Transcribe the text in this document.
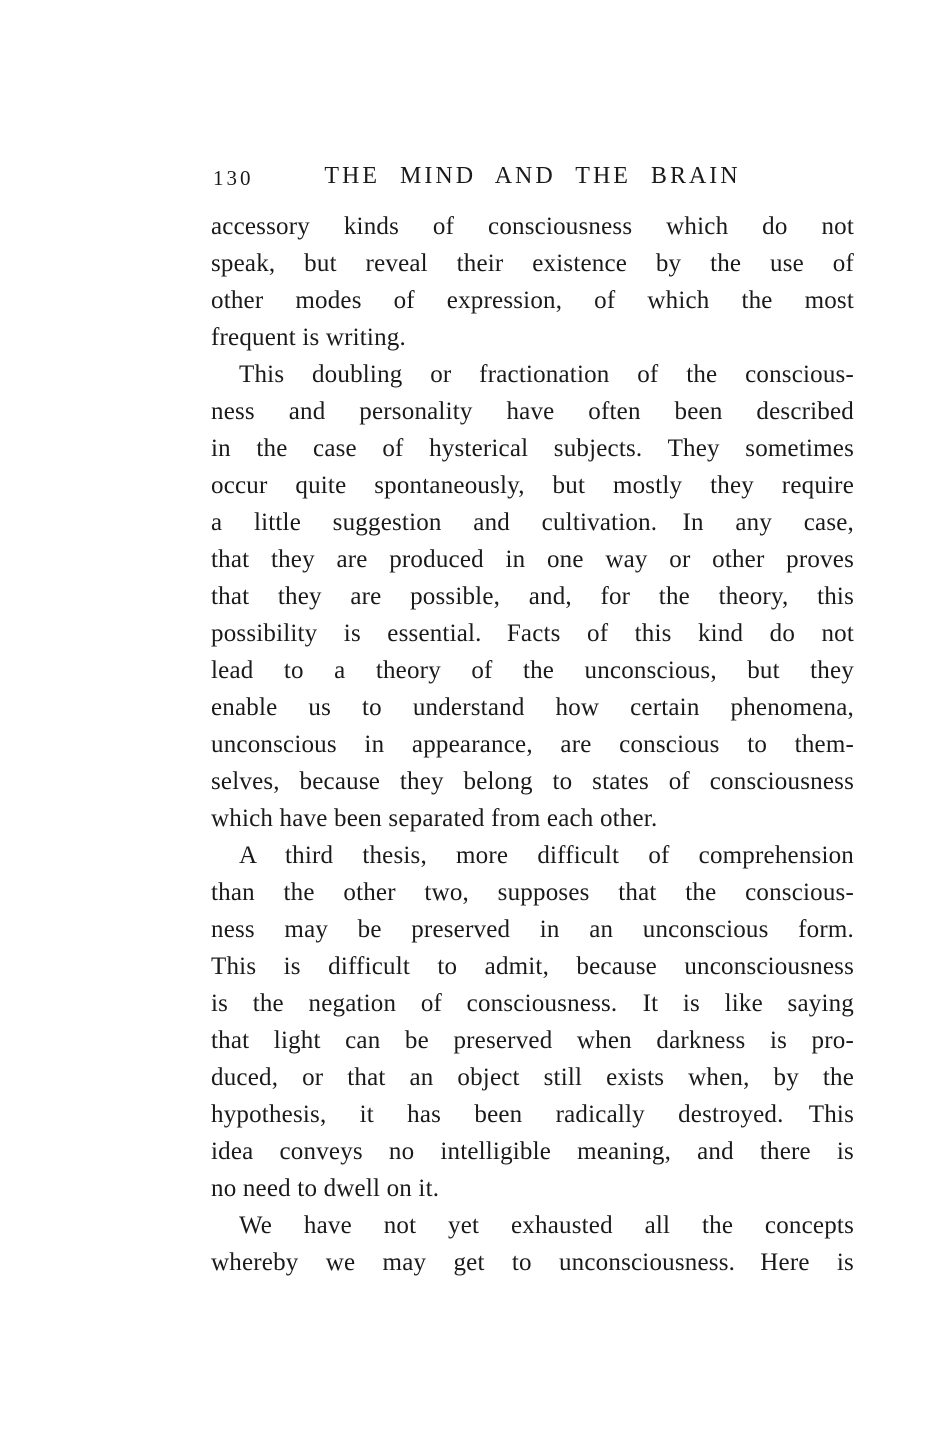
130	THE MIND AND THE BRAIN
accessory kinds of consciousness which do not
speak, but reveal their existence by the use of
other modes of expression, of which the most
frequent is writing.
This doubling or fractionation of the conscious-
ness and personality have often been described
in the case of hysterical subjects. They sometimes
occur quite spontaneously, but mostly they require
a little suggestion and cultivation. In any case,
that they are produced in one way or other proves
that they are possible, and, for the theory, this
possibility is essential. Facts of this kind do not
lead to a theory of the unconscious, but they
enable us to understand how certain phenomena,
unconscious in appearance, are conscious to them-
selves, because they belong to states of consciousness
which have been separated from each other.
A third thesis, more difficult of comprehension
than the other two, supposes that the conscious-
ness may be preserved in an unconscious form.
This is difficult to admit, because unconsciousness
is the negation of consciousness. It is like saying
that light can be preserved when darkness is pro-
duced, or that an object still exists when, by the
hypothesis, it has been radically destroyed. This
idea conveys no intelligible meaning, and there is
no need to dwell on it.
We have not yet exhausted all the concepts
whereby we may get to unconsciousness. Here is
